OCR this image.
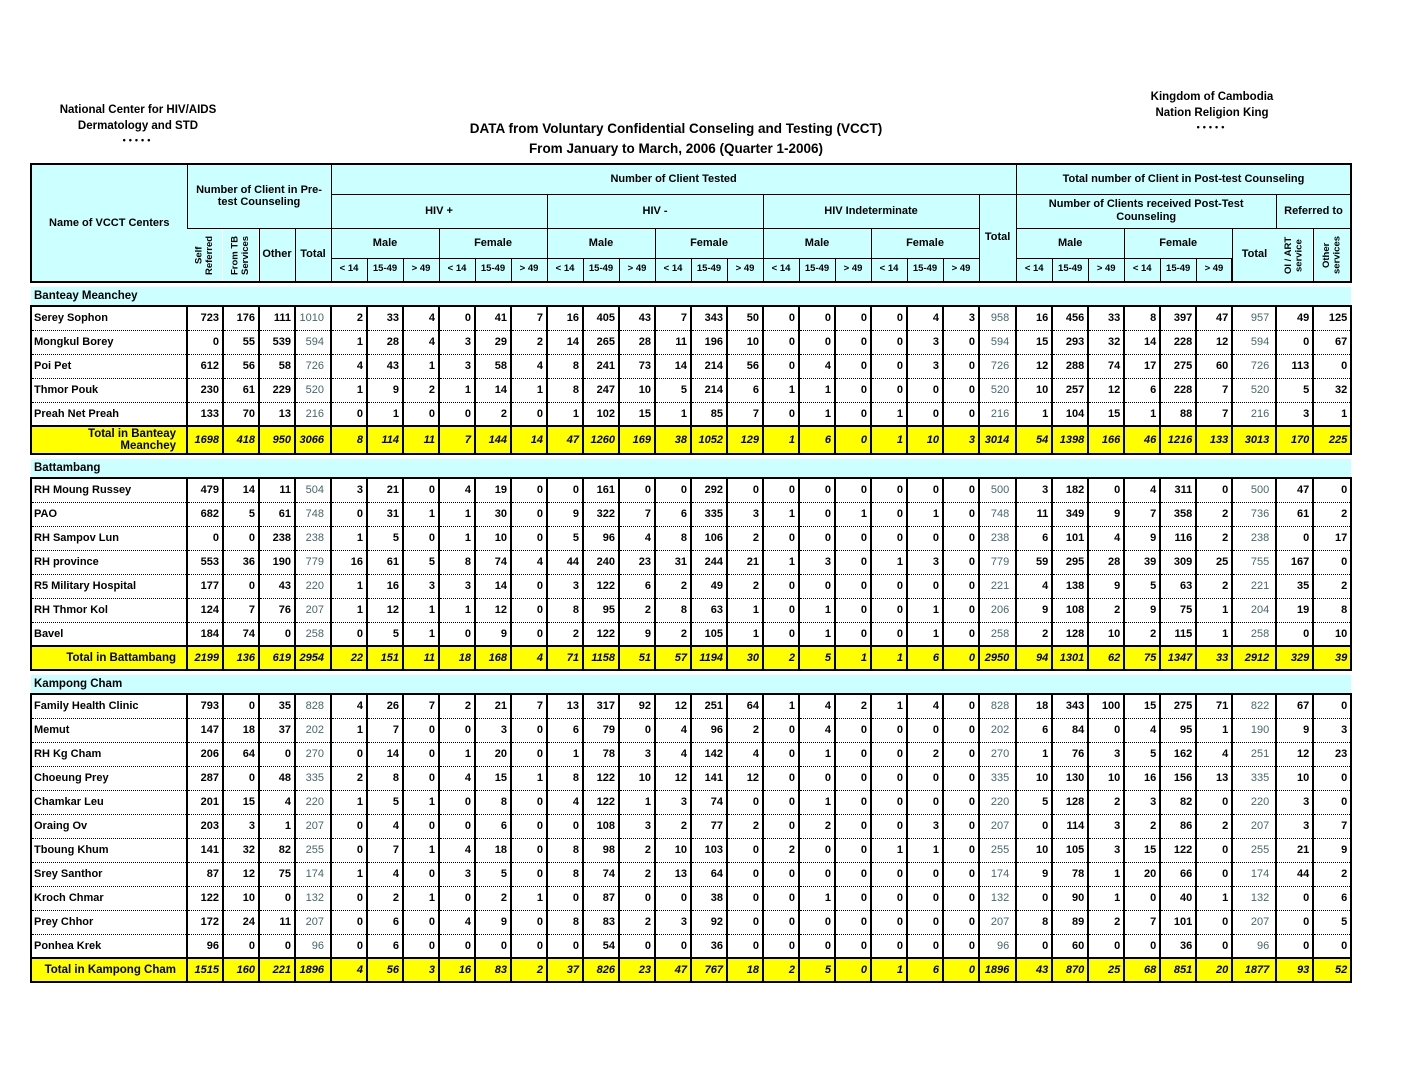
National Center for HIV/AIDS
Dermatology and STD
•••••
Kingdom of Cambodia
Nation Religion King
•••••
DATA from Voluntary Confidential Conseling and Testing (VCCT)
From January to March, 2006 (Quarter 1-2006)
Name of VCCT Centers	Number of Client in Pre-test Counseling				Number of Client Tested																			Total number of Client in Post-test Counseling								
					HIV +						HIV -						HIV Indeterminate						Total	Number of Clients received Post-Test Counseling							Referred to	
	Self Referred	From TB Services	Other	Total	Male			Female			Male			Female			Male			Female				Male			Female			Total	OI / ART service	Other services
					< 14	15-49	> 49	< 14	15-49	> 49	< 14	15-49	> 49	< 14	15-49	> 49	< 14	15-49	> 49	< 14	15-49	> 49		< 14	15-49	> 49	< 14	15-49	> 49			

Banteay Meanchey																																
Serey Sophon	723	176	111	1010	2	33	4	0	41	7	16	405	43	7	343	50	0	0	0	0	4	3	958	16	456	33	8	397	47	957	49	125
Mongkul Borey	0	55	539	594	1	28	4	3	29	2	14	265	28	11	196	10	0	0	0	0	3	0	594	15	293	32	14	228	12	594	0	67
Poi Pet	612	56	58	726	4	43	1	3	58	4	8	241	73	14	214	56	0	4	0	0	3	0	726	12	288	74	17	275	60	726	113	0
Thmor Pouk	230	61	229	520	1	9	2	1	14	1	8	247	10	5	214	6	1	1	0	0	0	0	520	10	257	12	6	228	7	520	5	32
Preah Net Preah	133	70	13	216	0	1	0	0	2	0	1	102	15	1	85	7	0	1	0	1	0	0	216	1	104	15	1	88	7	216	3	1
Total in Banteay Meanchey	1698	418	950	3066	8	114	11	7	144	14	47	1260	169	38	1052	129	1	6	0	1	10	3	3014	54	1398	166	46	1216	133	3013	170	225

Battambang																																
RH Moung Russey	479	14	11	504	3	21	0	4	19	0	0	161	0	0	292	0	0	0	0	0	0	0	500	3	182	0	4	311	0	500	47	0
PAO	682	5	61	748	0	31	1	1	30	0	9	322	7	6	335	3	1	0	1	0	1	0	748	11	349	9	7	358	2	736	61	2
RH Sampov Lun	0	0	238	238	1	5	0	1	10	0	5	96	4	8	106	2	0	0	0	0	0	0	238	6	101	4	9	116	2	238	0	17
RH province	553	36	190	779	16	61	5	8	74	4	44	240	23	31	244	21	1	3	0	1	3	0	779	59	295	28	39	309	25	755	167	0
R5 Military Hospital	177	0	43	220	1	16	3	3	14	0	3	122	6	2	49	2	0	0	0	0	0	0	221	4	138	9	5	63	2	221	35	2
RH Thmor Kol	124	7	76	207	1	12	1	1	12	0	8	95	2	8	63	1	0	1	0	0	1	0	206	9	108	2	9	75	1	204	19	8
Bavel	184	74	0	258	0	5	1	0	9	0	2	122	9	2	105	1	0	1	0	0	1	0	258	2	128	10	2	115	1	258	0	10
Total in Battambang	2199	136	619	2954	22	151	11	18	168	4	71	1158	51	57	1194	30	2	5	1	1	6	0	2950	94	1301	62	75	1347	33	2912	329	39

Kampong Cham																																
Family Health Clinic	793	0	35	828	4	26	7	2	21	7	13	317	92	12	251	64	1	4	2	1	4	0	828	18	343	100	15	275	71	822	67	0
Memut	147	18	37	202	1	7	0	0	3	0	6	79	0	4	96	2	0	4	0	0	0	0	202	6	84	0	4	95	1	190	9	3
RH Kg Cham	206	64	0	270	0	14	0	1	20	0	1	78	3	4	142	4	0	1	0	0	2	0	270	1	76	3	5	162	4	251	12	23
Choeung Prey	287	0	48	335	2	8	0	4	15	1	8	122	10	12	141	12	0	0	0	0	0	0	335	10	130	10	16	156	13	335	10	0
Chamkar Leu	201	15	4	220	1	5	1	0	8	0	4	122	1	3	74	0	0	1	0	0	0	0	220	5	128	2	3	82	0	220	3	0
Oraing Ov	203	3	1	207	0	4	0	0	6	0	0	108	3	2	77	2	0	2	0	0	3	0	207	0	114	3	2	86	2	207	3	7
Tboung Khum	141	32	82	255	0	7	1	4	18	0	8	98	2	10	103	0	2	0	0	1	1	0	255	10	105	3	15	122	0	255	21	9
Srey Santhor	87	12	75	174	1	4	0	3	5	0	8	74	2	13	64	0	0	0	0	0	0	0	174	9	78	1	20	66	0	174	44	2
Kroch Chmar	122	10	0	132	0	2	1	0	2	1	0	87	0	0	38	0	0	1	0	0	0	0	132	0	90	1	0	40	1	132	0	6
Prey Chhor	172	24	11	207	0	6	0	4	9	0	8	83	2	3	92	0	0	0	0	0	0	0	207	8	89	2	7	101	0	207	0	5
Ponhea Krek	96	0	0	96	0	6	0	0	0	0	0	54	0	0	36	0	0	0	0	0	0	0	96	0	60	0	0	36	0	96	0	0
Total in Kampong Cham	1515	160	221	1896	4	56	3	16	83	2	37	826	23	47	767	18	2	5	0	1	6	0	1896	43	870	25	68	851	20	1877	93	52
